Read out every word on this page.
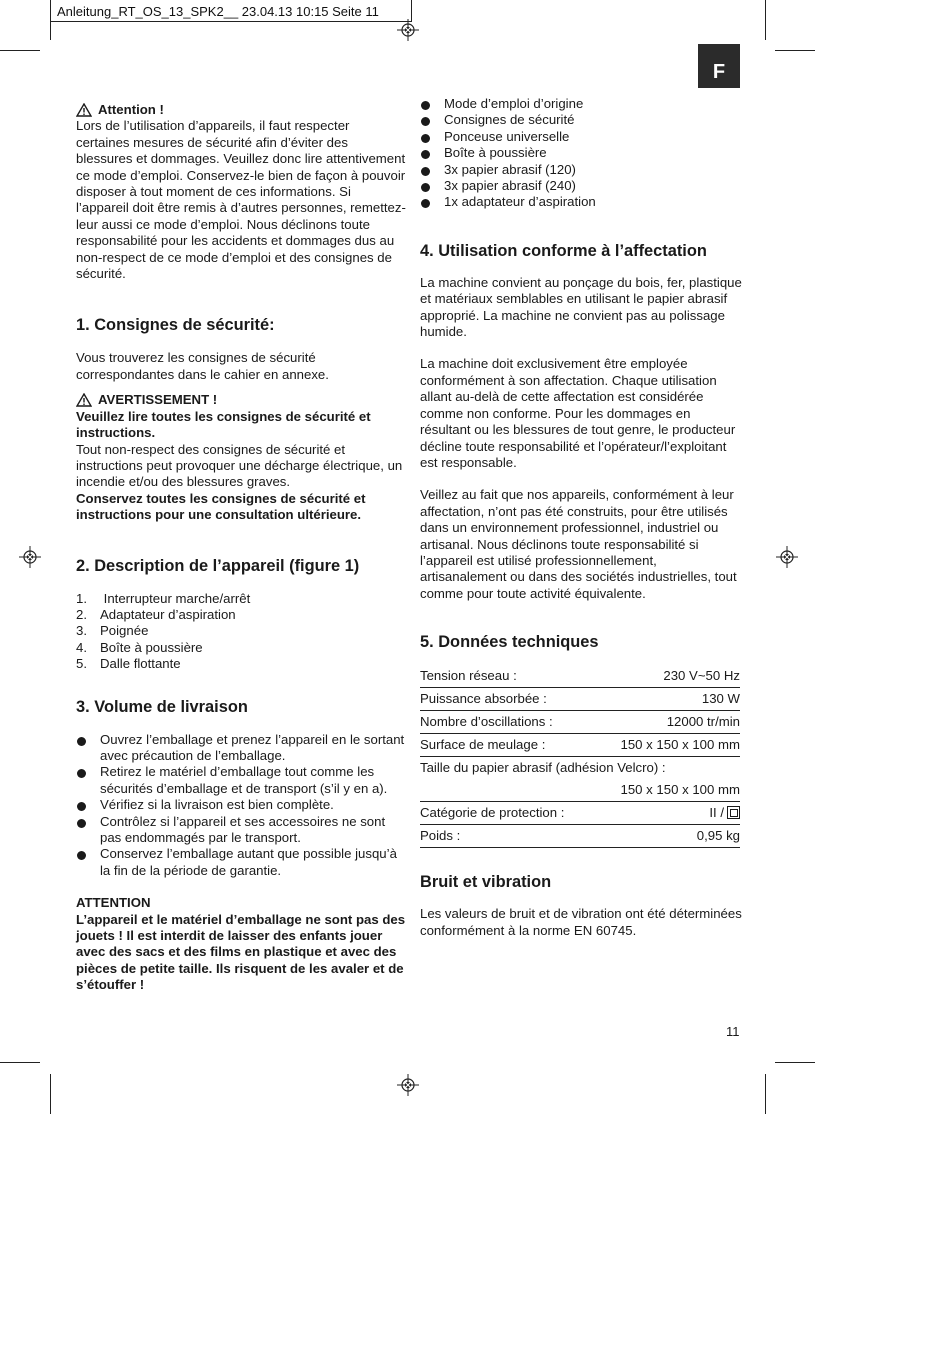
Anleitung_RT_OS_13_SPK2__ 23.04.13 10:15 Seite 11
F
Attention !

Lors de l’utilisation d’appareils, il faut respecter certaines mesures de sécurité afin d’éviter des blessures et dommages. Veuillez donc lire attentivement ce mode d’emploi. Conservez-le bien de façon à pouvoir disposer à tout moment de ces informations. Si l’appareil doit être remis à d’autres personnes, remettez-leur aussi ce mode d’emploi. Nous déclinons toute responsabilité pour les accidents et dommages dus au non-respect de ce mode d’emploi et des consignes de sécurité.

1. Consignes de sécurité:

Vous trouverez les consignes de sécurité correspondantes dans le cahier en annexe.

AVERTISSEMENT !

Veuillez lire toutes les consignes de sécurité et instructions.

Tout non-respect des consignes de sécurité et instructions peut provoquer une décharge électrique, un incendie et/ou des blessures graves.

Conservez toutes les consignes de sécurité et instructions pour une consultation ultérieure.

2. Description de l’appareil (figure 1)
1. Interrupteur marche/arrêt
2. Adaptateur d’aspiration
3. Poignée
4. Boîte à poussière
5. Dalle flottante
3. Volume de livraison
Ouvrez l’emballage et prenez l’appareil en le sortant avec précaution de l’emballage.
Retirez le matériel d’emballage tout comme les sécurités d’emballage et de transport (s’il y en a).
Vérifiez si la livraison est bien complète.
Contrôlez si l’appareil et ses accessoires ne sont pas endommagés par le transport.
Conservez l’emballage autant que possible jusqu’à la fin de la période de garantie.

ATTENTION

L’appareil et le matériel d’emballage ne sont pas des jouets ! Il est interdit de laisser des enfants jouer avec des sacs et des films en plastique et avec des pièces de petite taille. Ils risquent de les avaler et de s’étouffer !

Mode d’emploi d’origine
Consignes de sécurité
Ponceuse universelle
Boîte à poussière
3x papier abrasif (120)
3x papier abrasif (240)
1x adaptateur d’aspiration
4. Utilisation conforme à l’affectation

La machine convient au ponçage du bois, fer, plastique et matériaux semblables en utilisant le papier abrasif approprié. La machine ne convient pas au polissage humide.

La machine doit exclusivement être employée conformément à son affectation. Chaque utilisation allant au-delà de cette affectation est considérée comme non conforme. Pour les dommages en résultant ou les blessures de tout genre, le producteur décline toute responsabilité et l’opérateur/l’exploitant est responsable.

Veillez au fait que nos appareils, conformément à leur affectation, n’ont pas été construits, pour être utilisés dans un environnement professionnel, industriel ou artisanal. Nous déclinons toute responsabilité si l’appareil est utilisé professionnellement, artisanalement ou dans des sociétés industrielles, tout comme pour toute activité équivalente.

5. Données techniques
Tension réseau :	230 V~50 Hz
Puissance absorbée :	130 W
Nombre d’oscillations :	12000 tr/min
Surface de meulage :	150 x 150 x 100 mm
Taille du papier abrasif (adhésion Velcro) :	
	150 x 150 x 100 mm
Catégorie de protection :	II /
Poids :	0,95 kg
Bruit et vibration

Les valeurs de bruit et de vibration ont été déterminées conformément à la norme EN 60745.

11
